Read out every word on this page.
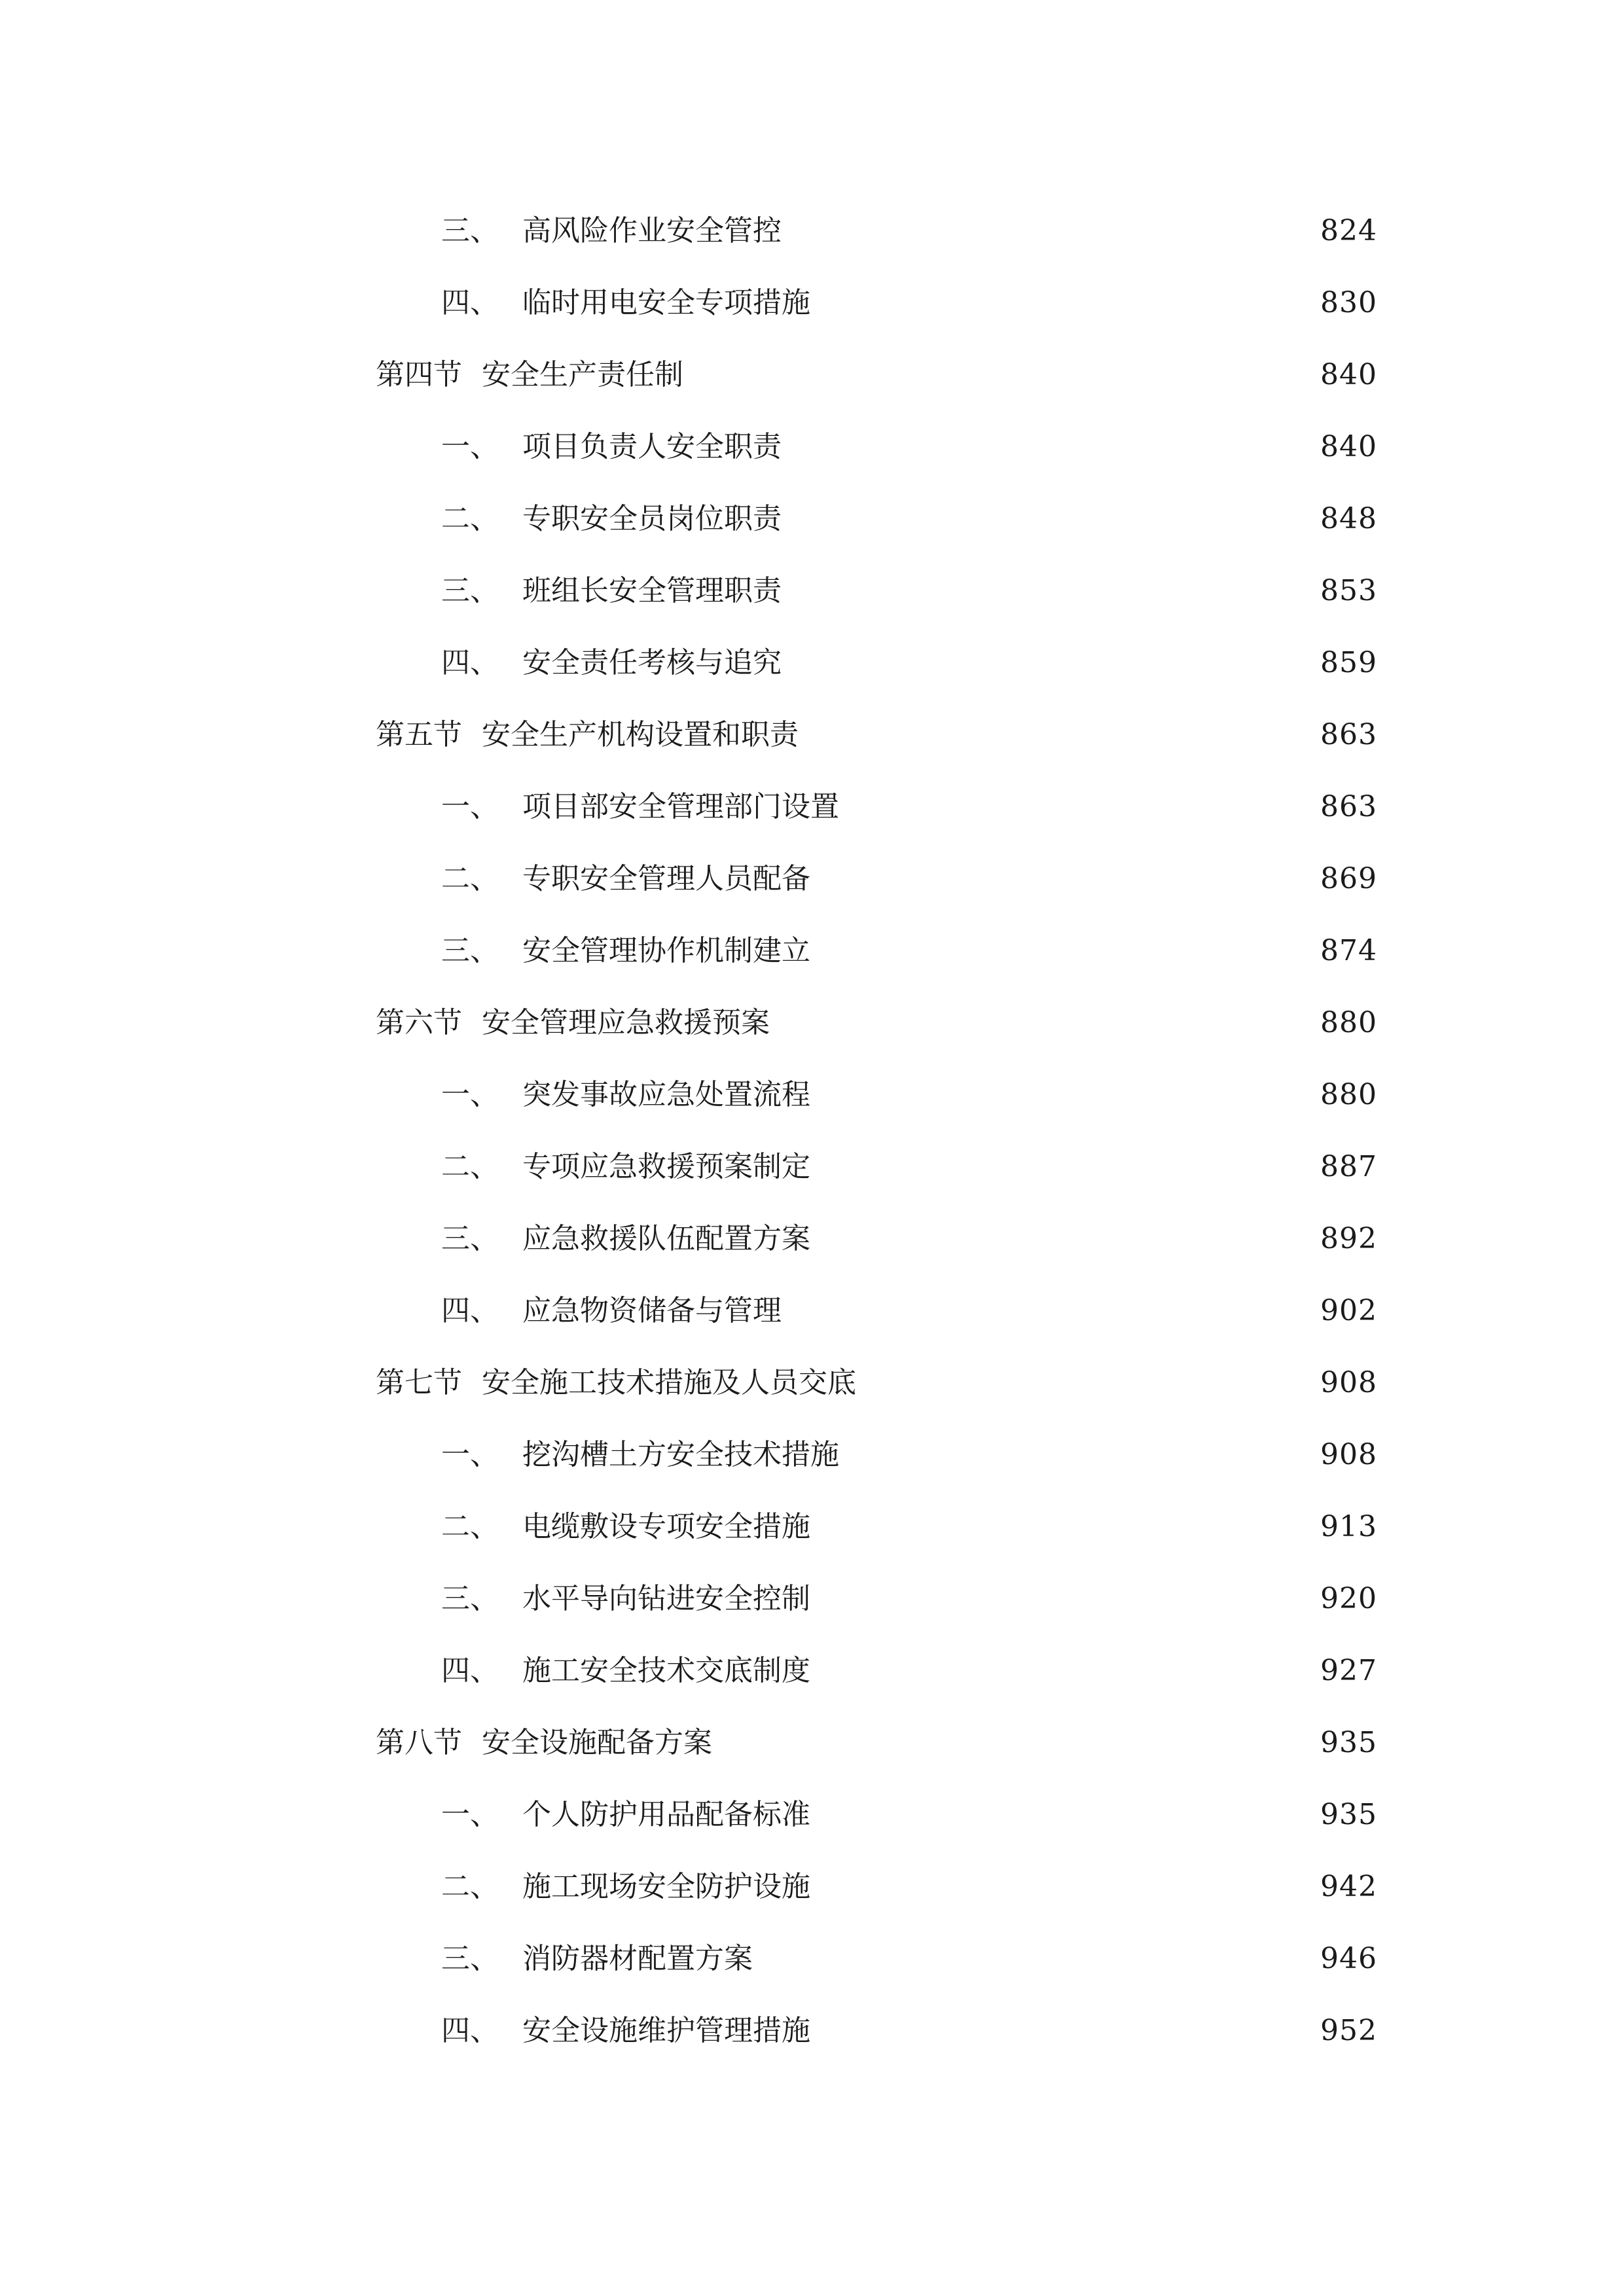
三、 高风险作业安全管控	824
四、 临时用电安全专项措施	830
第四节 安全生产责任制	840
一、 项目负责人安全职责	840
二、 专职安全员岗位职责	848
三、 班组长安全管理职责	853
四、 安全责任考核与追究	859
第五节 安全生产机构设置和职责	863
一、 项目部安全管理部门设置	863
二、 专职安全管理人员配备	869
三、 安全管理协作机制建立	874
第六节 安全管理应急救援预案	880
一、 突发事故应急处置流程	880
二、 专项应急救援预案制定	887
三、 应急救援队伍配置方案	892
四、 应急物资储备与管理	902
第七节 安全施工技术措施及人员交底	908
一、 挖沟槽土方安全技术措施	908
二、 电缆敷设专项安全措施	913
三、 水平导向钻进安全控制	920
四、 施工安全技术交底制度	927
第八节 安全设施配备方案	935
一、 个人防护用品配备标准	935
二、 施工现场安全防护设施	942
三、 消防器材配置方案	946
四、 安全设施维护管理措施	952
